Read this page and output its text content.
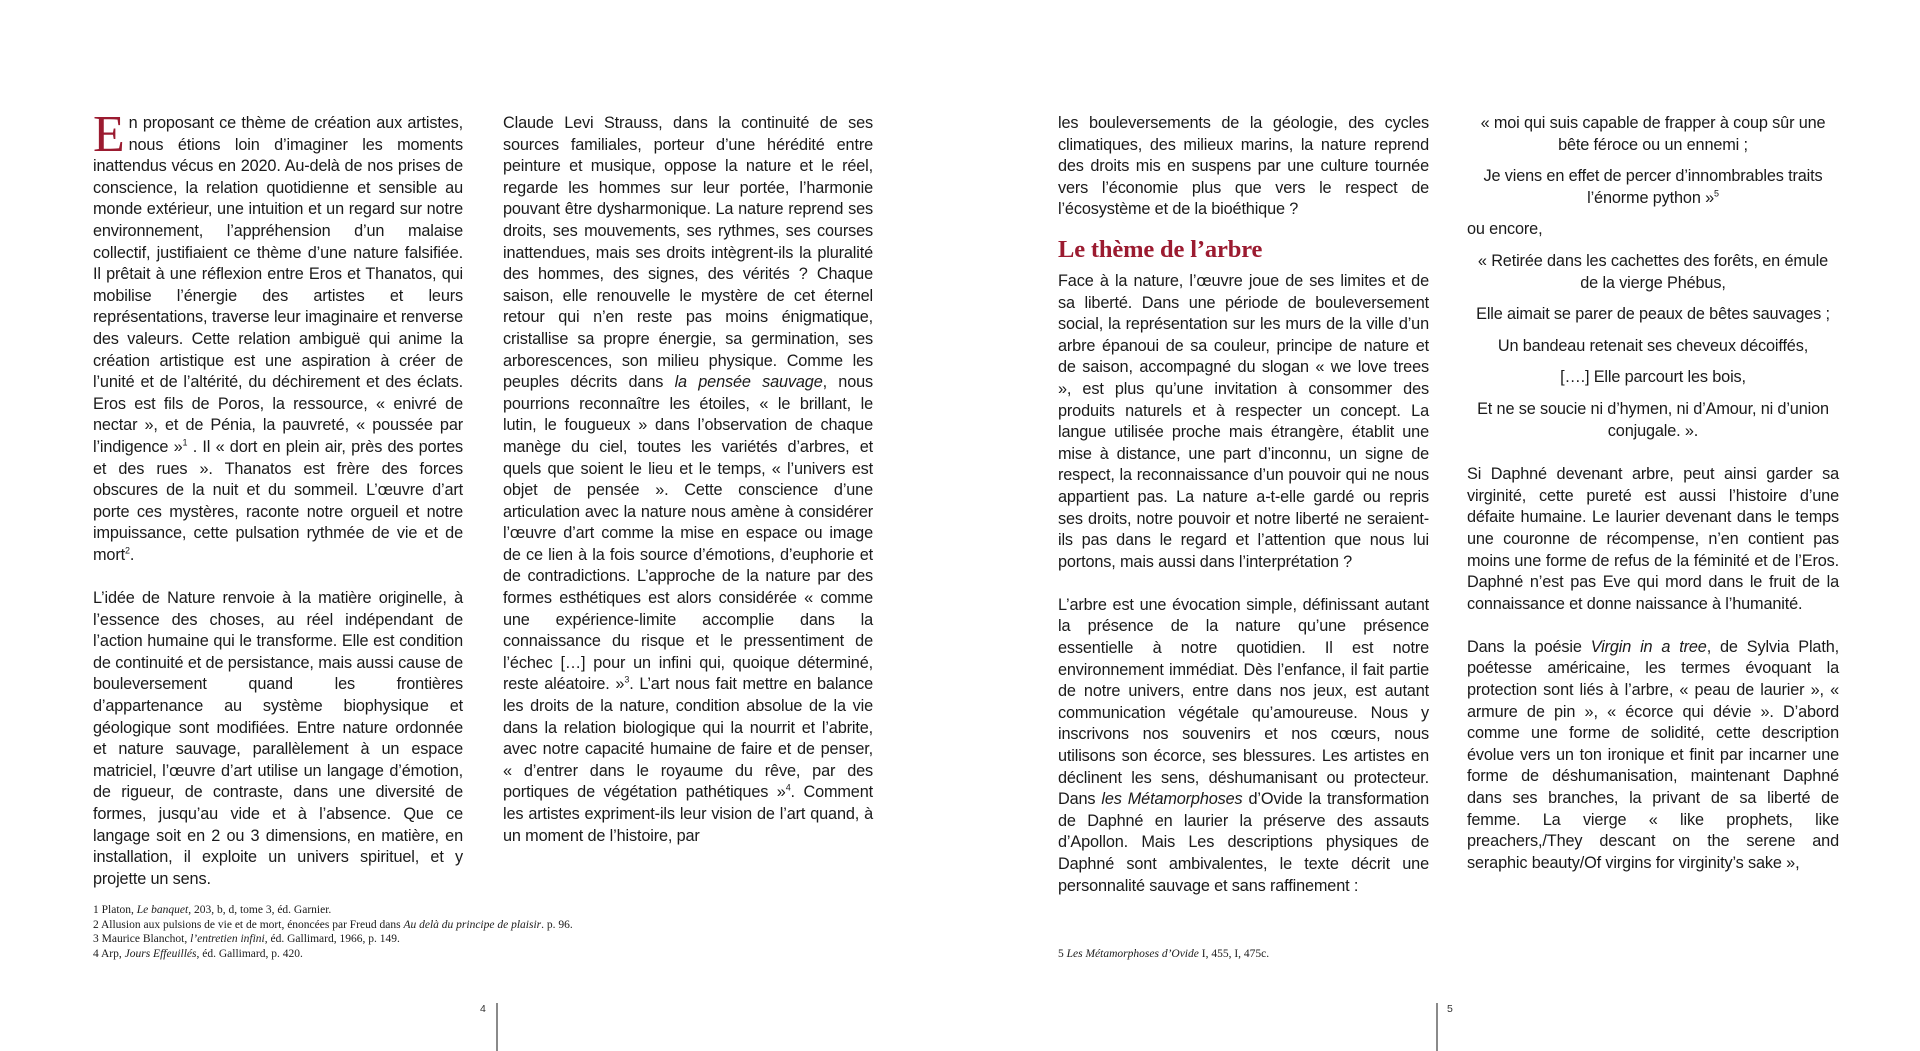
En proposant ce thème de création aux artistes, nous étions loin d’imaginer les moments inattendus vécus en 2020. Au-delà de nos prises de conscience, la relation quotidienne et sensible au monde extérieur, une intuition et un regard sur notre environnement, l’appréhension d’un malaise collectif, justifiaient ce thème d’une nature falsifiée. Il prêtait à une réflexion entre Eros et Thanatos, qui mobilise l’énergie des artistes et leurs représentations, traverse leur imaginaire et renverse des valeurs. Cette relation ambiguë qui anime la création artistique est une aspiration à créer de l’unité et de l’altérité, du déchirement et des éclats. Eros est fils de Poros, la ressource, « enivré de nectar », et de Pénia, la pauvreté, « poussée par l’indigence »$^1$ . Il « dort en plein air, près des portes et des rues ». Thanatos est frère des forces obscures de la nuit et du sommeil. L’œuvre d’art porte ces mystères, raconte notre orgueil et notre impuissance, cette pulsation rythmée de vie et de mort$^2$.

L’idée de Nature renvoie à la matière originelle, à l’essence des choses, au réel indépendant de l’action humaine qui le transforme. Elle est condition de continuité et de persistance, mais aussi cause de bouleversement quand les frontières d’appartenance au système biophysique et géologique sont modifiées. Entre nature ordonnée et nature sauvage, parallèlement à un espace matriciel, l’œuvre d’art utilise un langage d’émotion, de rigueur, de contraste, dans une diversité de formes, jusqu’au vide et à l’absence. Que ce langage soit en 2 ou 3 dimensions, en matière, en installation, il exploite un univers spirituel, et y projette un sens.

Claude Levi Strauss, dans la continuité de ses sources familiales, porteur d’une hérédité entre peinture et musique, oppose la nature et le réel, regarde les hommes sur leur portée, l’harmonie pouvant être dysharmonique. La nature reprend ses droits, ses mouvements, ses rythmes, ses courses inattendues, mais ses droits intègrent-ils la pluralité des hommes, des signes, des vérités ? Chaque saison, elle renouvelle le mystère de cet éternel retour qui n’en reste pas moins énigmatique, cristallise sa propre énergie, sa germination, ses arborescences, son milieu physique. Comme les peuples décrits dans la pensée sauvage, nous pourrions reconnaître les étoiles, « le brillant, le lutin, le fougueux » dans l’observation de chaque manège du ciel, toutes les variétés d’arbres, et quels que soient le lieu et le temps, « l’univers est objet de pensée ». Cette conscience d’une articulation avec la nature nous amène à considérer l’œuvre d’art comme la mise en espace ou image de ce lien à la fois source d’émotions, d’euphorie et de contradictions. L’approche de la nature par des formes esthétiques est alors considérée « comme une expérience-limite accomplie dans la connaissance du risque et le pressentiment de l’échec […] pour un infini qui, quoique déterminé, reste aléatoire. »$^3$. L’art nous fait mettre en balance les droits de la nature, condition absolue de la vie dans la relation biologique qui la nourrit et l’abrite, avec notre capacité humaine de faire et de penser, « d’entrer dans le royaume du rêve, par des portiques de végétation pathétiques »$^4$. Comment les artistes expriment-ils leur vision de l’art quand, à un moment de l’histoire, par

1 Platon, Le banquet, 203, b, d, tome 3, éd. Garnier.
2 Allusion aux pulsions de vie et de mort, énoncées par Freud dans Au delà du principe de plaisir. p. 96.
3 Maurice Blanchot, l’entretien infini, éd. Gallimard, 1966, p. 149.
4 Arp, Jours Effeuillés, éd. Gallimard, p. 420.
4

les bouleversements de la géologie, des cycles climatiques, des milieux marins, la nature reprend des droits mis en suspens par une culture tournée vers l’économie plus que vers le respect de l’écosystème et de la bioéthique ?

Le thème de l’arbre

Face à la nature, l’œuvre joue de ses limites et de sa liberté. Dans une période de bouleversement social, la représentation sur les murs de la ville d’un arbre épanoui de sa couleur, principe de nature et de saison, accompagné du slogan « we love trees », est plus qu’une invitation à consommer des produits naturels et à respecter un concept. La langue utilisée proche mais étrangère, établit une mise à distance, une part d’inconnu, un signe de respect, la reconnaissance d’un pouvoir qui ne nous appartient pas. La nature a-t-elle gardé ou repris ses droits, notre pouvoir et notre liberté ne seraient-ils pas dans le regard et l’attention que nous lui portons, mais aussi dans l’interprétation ?

L’arbre est une évocation simple, définissant autant la présence de la nature qu’une présence essentielle à notre quotidien. Il est notre environnement immédiat. Dès l’enfance, il fait partie de notre univers, entre dans nos jeux, est autant communication végétale qu’amoureuse. Nous y inscrivons nos souvenirs et nos cœurs, nous utilisons son écorce, ses blessures. Les artistes en déclinent les sens, déshumanisant ou protecteur. Dans les Métamorphoses d’Ovide la transformation de Daphné en laurier la préserve des assauts d’Apollon. Mais Les descriptions physiques de Daphné sont ambivalentes, le texte décrit une personnalité sauvage et sans raffinement :

« moi qui suis capable de frapper à coup sûr une bête féroce ou un ennemi ;

Je viens en effet de percer d’innombrables traits l’énorme python »$^5$

ou encore,

« Retirée dans les cachettes des forêts, en émule de la vierge Phébus,

Elle aimait se parer de peaux de bêtes sauvages ;

Un bandeau retenait ses cheveux décoiffés,

[….] Elle parcourt les bois,

Et ne se soucie ni d’hymen, ni d’Amour, ni d’union conjugale. ».

Si Daphné devenant arbre, peut ainsi garder sa virginité, cette pureté est aussi l’histoire d’une défaite humaine. Le laurier devenant dans le temps une couronne de récompense, n’en contient pas moins une forme de refus de la féminité et de l’Eros. Daphné n’est pas Eve qui mord dans le fruit de la connaissance et donne naissance à l’humanité.

Dans la poésie Virgin in a tree, de Sylvia Plath, poétesse américaine, les termes évoquant la protection sont liés à l’arbre, « peau de laurier », « armure de pin », « écorce qui dévie ». D’abord comme une forme de solidité, cette description évolue vers un ton ironique et finit par incarner une forme de déshumanisation, maintenant Daphné dans ses branches, la privant de sa liberté de femme. La vierge « like prophets, like preachers,/They descant on the serene and seraphic beauty/Of virgins for virginity’s sake »,

5 Les Métamorphoses d’Ovide I, 455, I, 475c.
5
